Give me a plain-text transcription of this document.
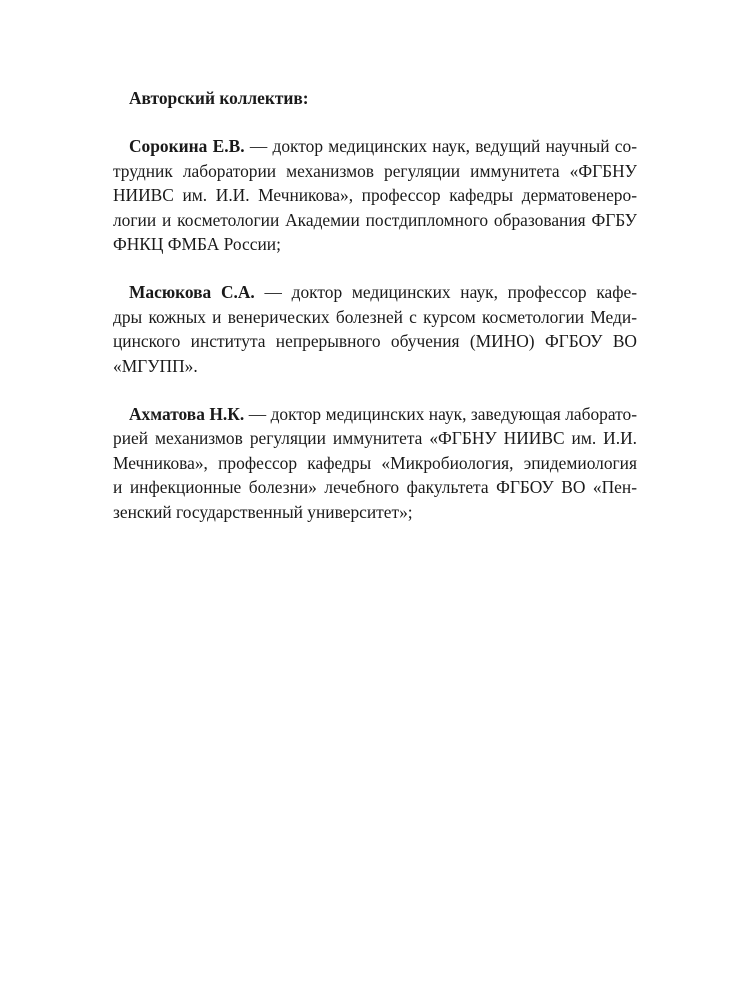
Авторский коллектив:
Сорокина Е.В. — доктор медицинских наук, ведущий научный со-
трудник лаборатории механизмов регуляции иммунитета «ФГБНУ
НИИВС им. И.И. Мечникова», профессор кафедры дерматовенеро-
логии и косметологии Академии постдипломного образования ФГБУ
ФНКЦ ФМБА России;
Масюкова С.А. — доктор медицинских наук, профессор кафе-
дры кожных и венерических болезней с курсом косметологии Меди-
цинского института непрерывного обучения (МИНО) ФГБОУ ВО
«МГУПП».
Ахматова Н.К. — доктор медицинских наук, заведующая лаборато-
рией механизмов регуляции иммунитета «ФГБНУ НИИВС им. И.И.
Мечникова», профессор кафедры «Микробиология, эпидемиология
и инфекционные болезни» лечебного факультета ФГБОУ ВО «Пен-
зенский государственный университет»;
